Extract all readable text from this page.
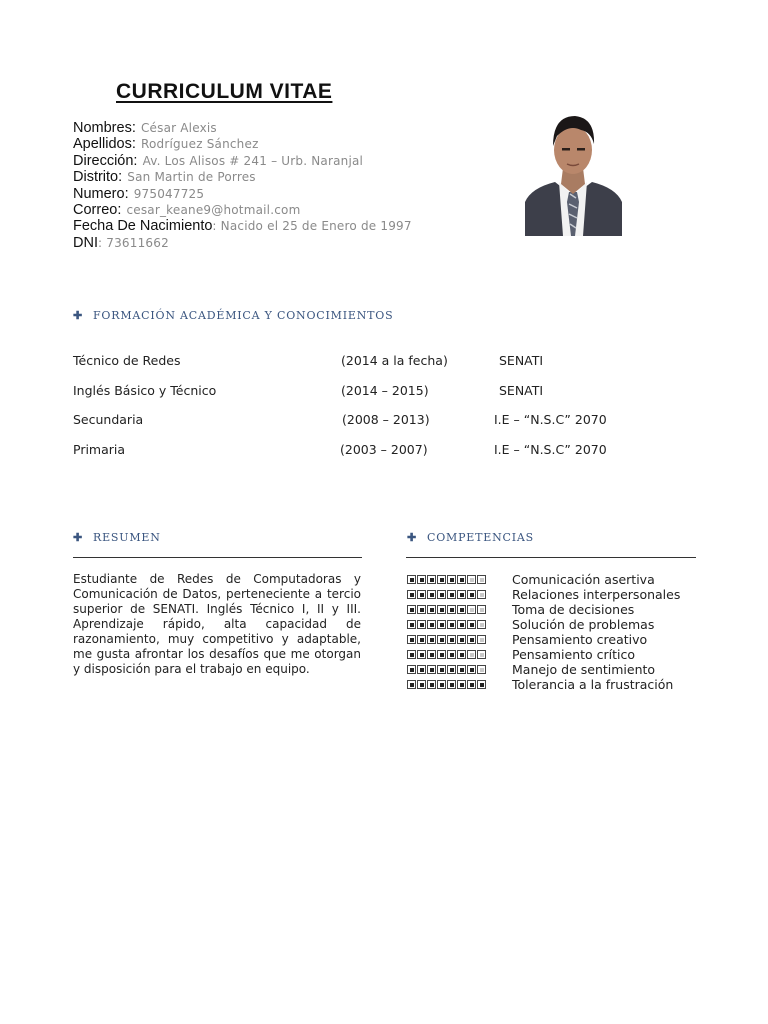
CURRICULUM VITAE
Nombres: César Alexis
Apellidos: Rodríguez Sánchez
Dirección: Av. Los Alisos # 241 – Urb. Naranjal
Distrito: San Martin de Porres
Numero: 975047725
Correo: cesar_keane9@hotmail.com
Fecha De Nacimiento: Nacido el 25 de Enero de 1997
DNI: 73611662
✚ FORMACIÓN ACADÉMICA Y CONOCIMIENTOS
Técnico de Redes	(2014 a la fecha)	SENATI
Inglés Básico y Técnico	(2014 – 2015)	SENATI
Secundaria	(2008 – 2013)	I.E – “N.S.C” 2070
Primaria	(2003 – 2007)	I.E – “N.S.C” 2070
✚ RESUMEN	✚ COMPETENCIAS
Estudiante de Redes de Computadoras y Comunicación de Datos, perteneciente a tercio superior de SENATI. Inglés Técnico I, II y III. Aprendizaje rápido, alta capacidad de razonamiento, muy competitivo y adaptable, me gusta afrontar los desafíos que me otorgan y disposición para el trabajo en equipo.
Comunicación asertiva
Relaciones interpersonales
Toma de decisiones
Solución de problemas
Pensamiento creativo
Pensamiento crítico
Manejo de sentimiento
Tolerancia a la frustración
